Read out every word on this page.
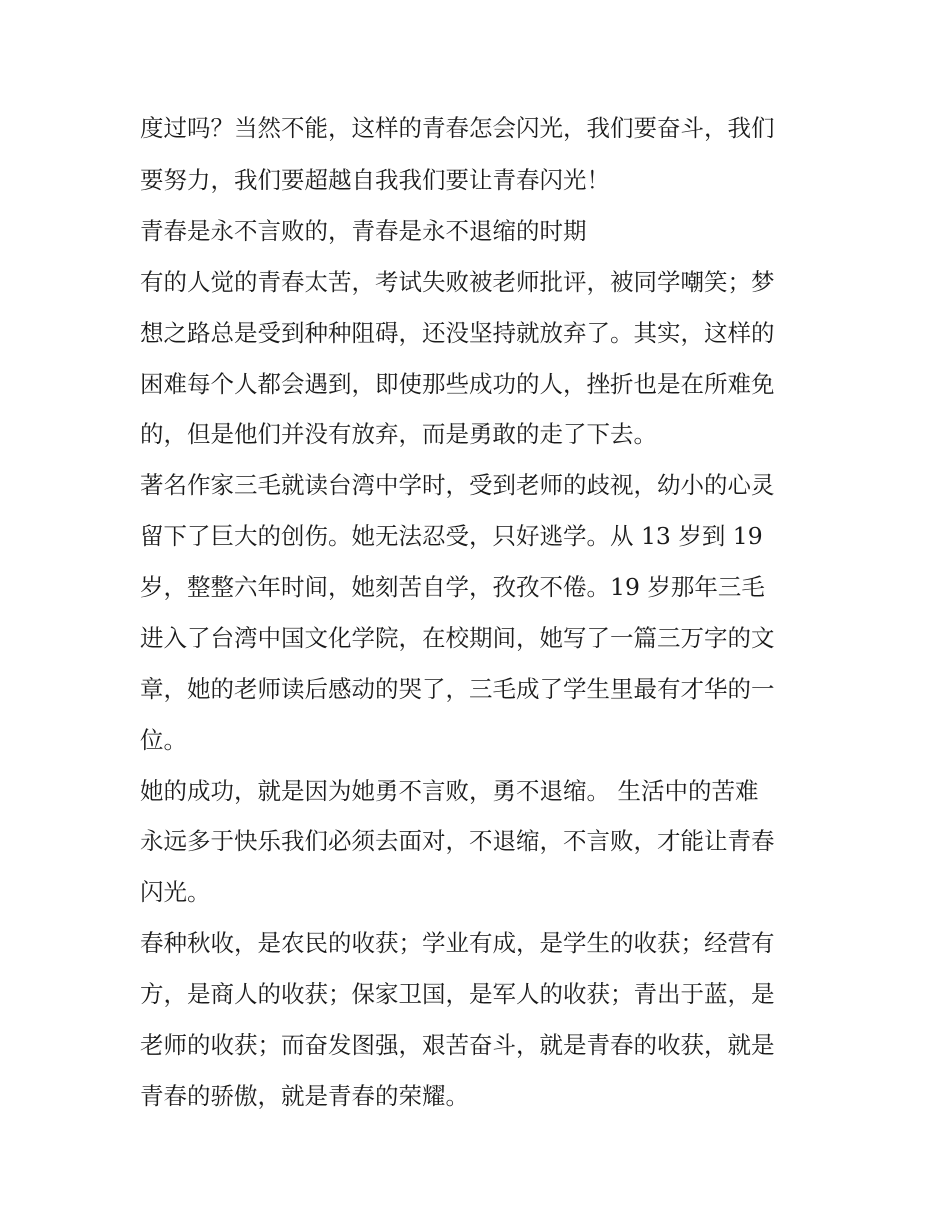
度过吗？当然不能，这样的青春怎会闪光，我们要奋斗，我们
要努力，我们要超越自我我们要让青春闪光！
青春是永不言败的，青春是永不退缩的时期
有的人觉的青春太苦，考试失败被老师批评，被同学嘲笑；梦
想之路总是受到种种阻碍，还没坚持就放弃了。其实，这样的
困难每个人都会遇到，即使那些成功的人，挫折也是在所难免
的，但是他们并没有放弃，而是勇敢的走了下去。
著名作家三毛就读台湾中学时，受到老师的歧视，幼小的心灵
留下了巨大的创伤。她无法忍受，只好逃学。从 13 岁到 19
岁，整整六年时间，她刻苦自学，孜孜不倦。19 岁那年三毛
进入了台湾中国文化学院，在校期间，她写了一篇三万字的文
章，她的老师读后感动的哭了，三毛成了学生里最有才华的一
位。
她的成功，就是因为她勇不言败，勇不退缩。 生活中的苦难
永远多于快乐我们必须去面对，不退缩，不言败，才能让青春
闪光。
春种秋收，是农民的收获；学业有成，是学生的收获；经营有
方，是商人的收获；保家卫国，是军人的收获；青出于蓝，是
老师的收获；而奋发图强，艰苦奋斗，就是青春的收获，就是
青春的骄傲，就是青春的荣耀。
